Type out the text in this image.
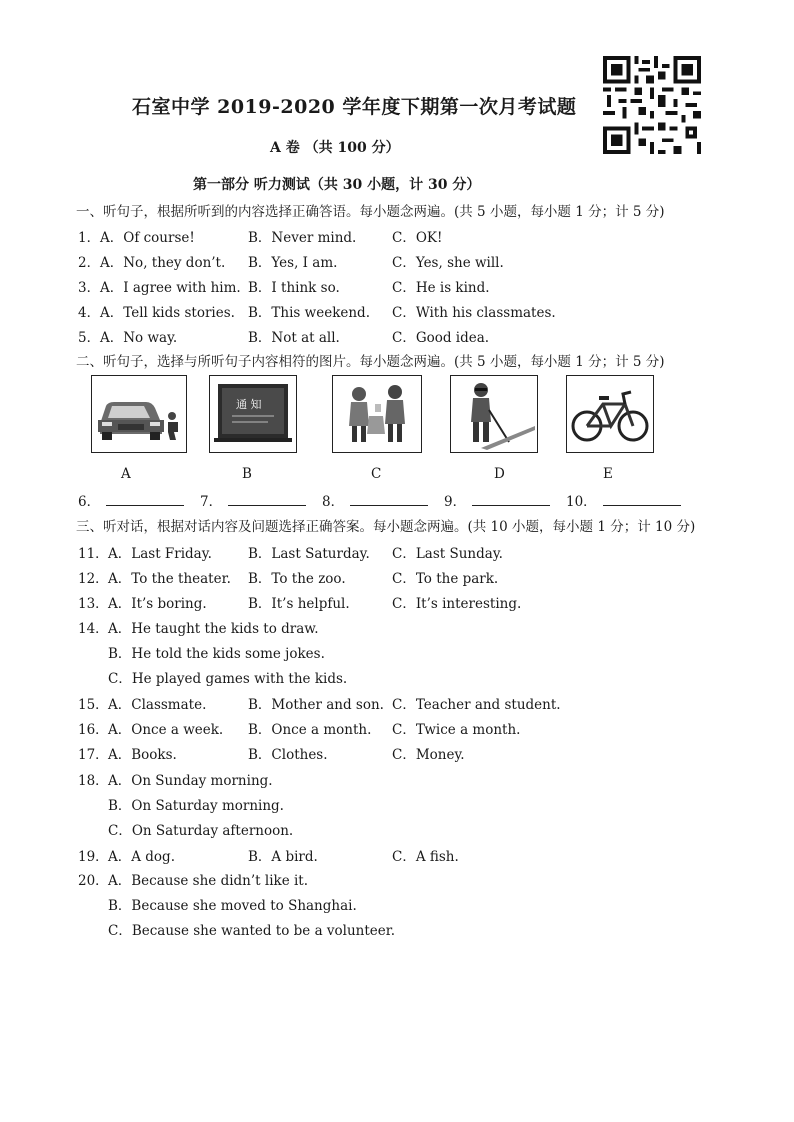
石室中学 2019-2020 学年度下期第一次月考试题
A 卷 （共 100 分）
第一部分 听力测试（共 30 小题，计 30 分）
一、听句子，根据所听到的内容选择正确答语。每小题念两遍。(共 5 小题，每小题 1 分；计 5 分)
1． A．Of course!	B．Never mind.	C．OK!
2． A．No, they don’t. B．Yes, I am.	C．Yes, she will.
3． A．I agree with him. B．I think so.	C．He is kind.
4． A．Tell kids stories. B．This weekend. C．With his classmates.
5． A．No way.	B．Not at all.	C．Good idea.
二、听句子，选择与所听句子内容相符的图片。每小题念两遍。(共 5 小题，每小题 1 分；计 5 分)
通 知
A	B	C	D	E
6．	7．	8．	9．	10．
三、听对话，根据对话内容及问题选择正确答案。每小题念两遍。(共 10 小题，每小题 1 分；计 10 分)
11． A．Last Friday.	B．Last Saturday. C．Last Sunday.
12． A．To the theater. B．To the zoo.	C．To the park.
13． A．It’s boring.	B．It’s helpful.	C．It’s interesting.
14． A．He taught the kids to draw.
B．He told the kids some jokes.
C．He played games with the kids.
15． A．Classmate.	B．Mother and son. C．Teacher and student.
16． A．Once a week. B．Once a month. C．Twice a month.
17． A．Books.	B．Clothes.	C．Money.
18． A．On Sunday morning.
B．On Saturday morning.
C．On Saturday afternoon.
19． A．A dog.	B．A bird.	C．A fish.
20． A．Because she didn’t like it.
B．Because she moved to Shanghai.
C．Because she wanted to be a volunteer.
